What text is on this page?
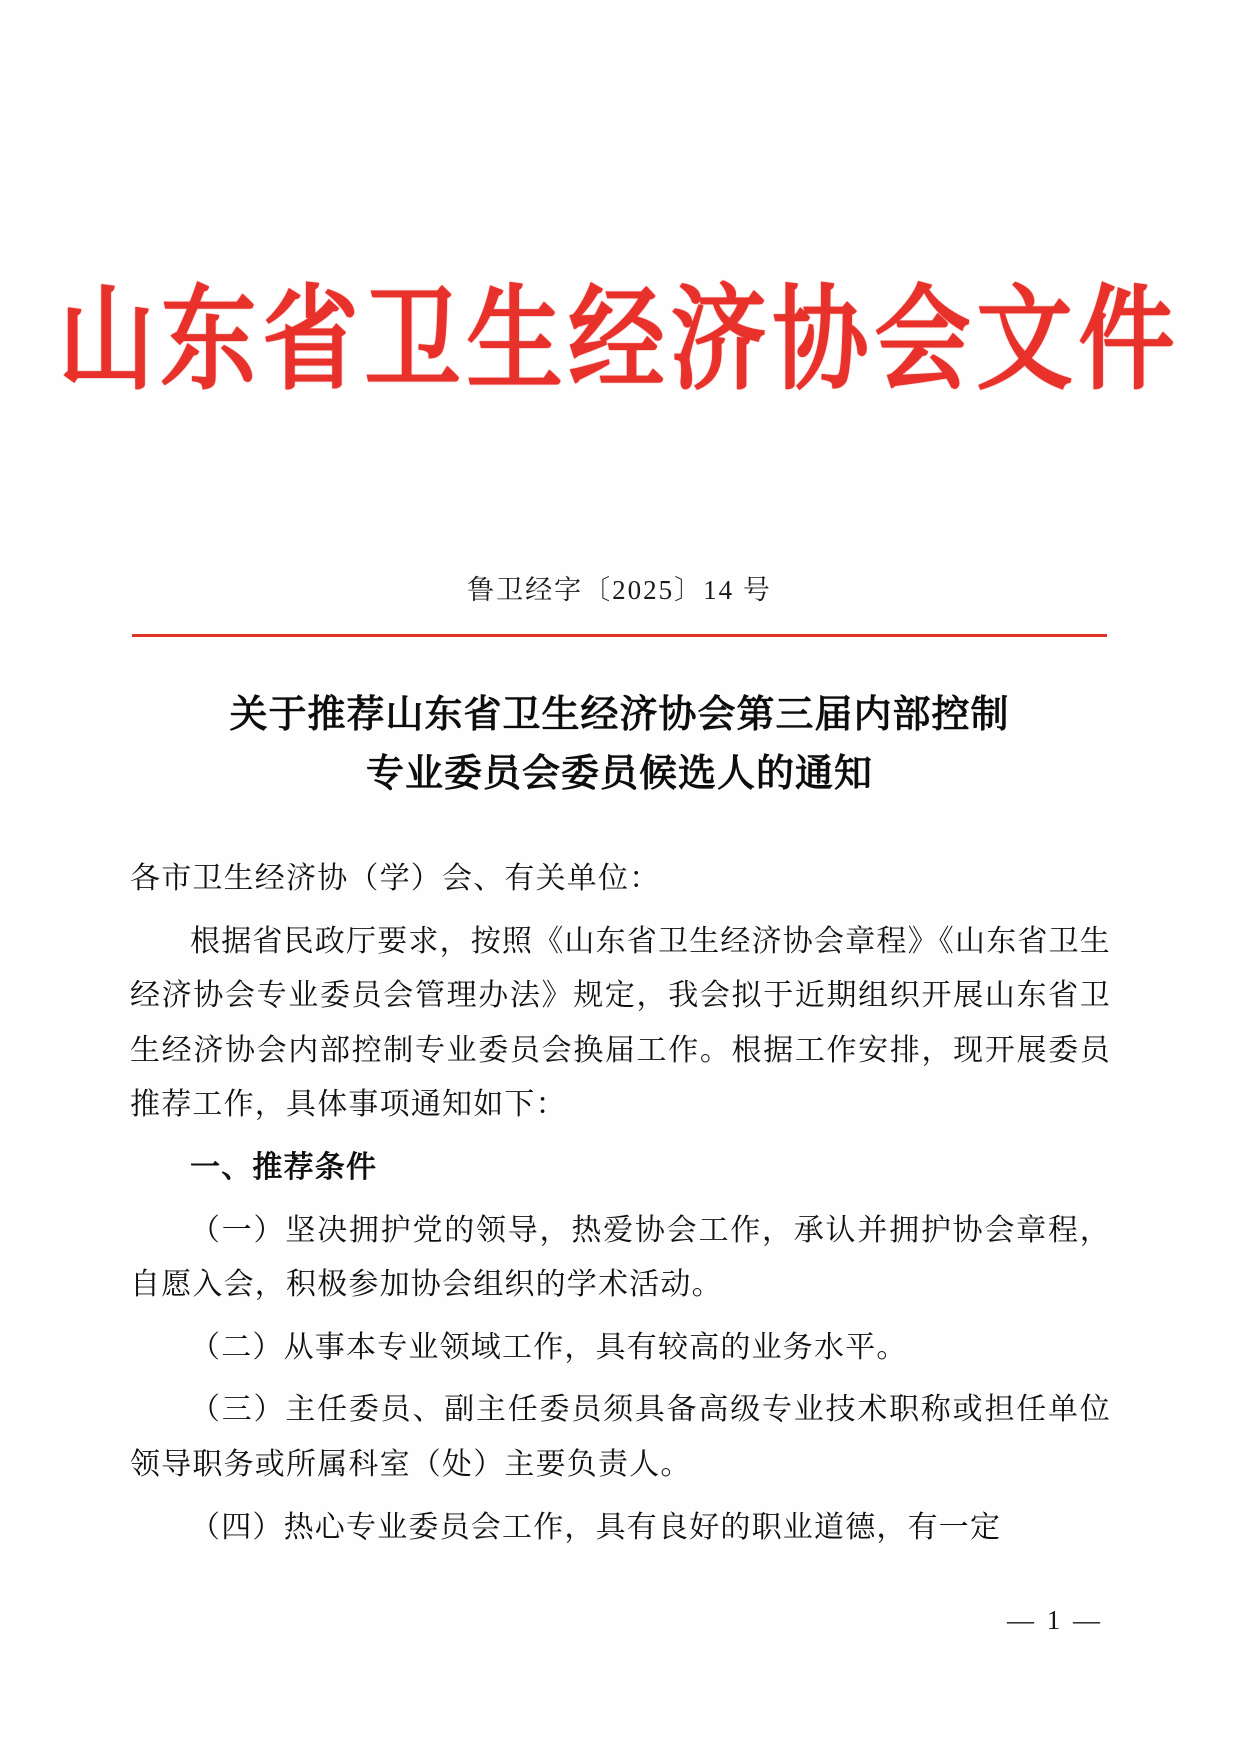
山东省卫生经济协会文件
鲁卫经字〔2025〕14 号
关于推荐山东省卫生经济协会第三届内部控制
专业委员会委员候选人的通知

各市卫生经济协（学）会、有关单位：

根据省民政厅要求，按照《山东省卫生经济协会章程》《山东省卫生经济协会专业委员会管理办法》规定，我会拟于近期组织开展山东省卫生经济协会内部控制专业委员会换届工作。根据工作安排，现开展委员推荐工作，具体事项通知如下：

一、推荐条件

（一）坚决拥护党的领导，热爱协会工作，承认并拥护协会章程，自愿入会，积极参加协会组织的学术活动。

（二）从事本专业领域工作，具有较高的业务水平。

（三）主任委员、副主任委员须具备高级专业技术职称或担任单位领导职务或所属科室（处）主要负责人。

（四）热心专业委员会工作，具有良好的职业道德，有一定

— 1 —
